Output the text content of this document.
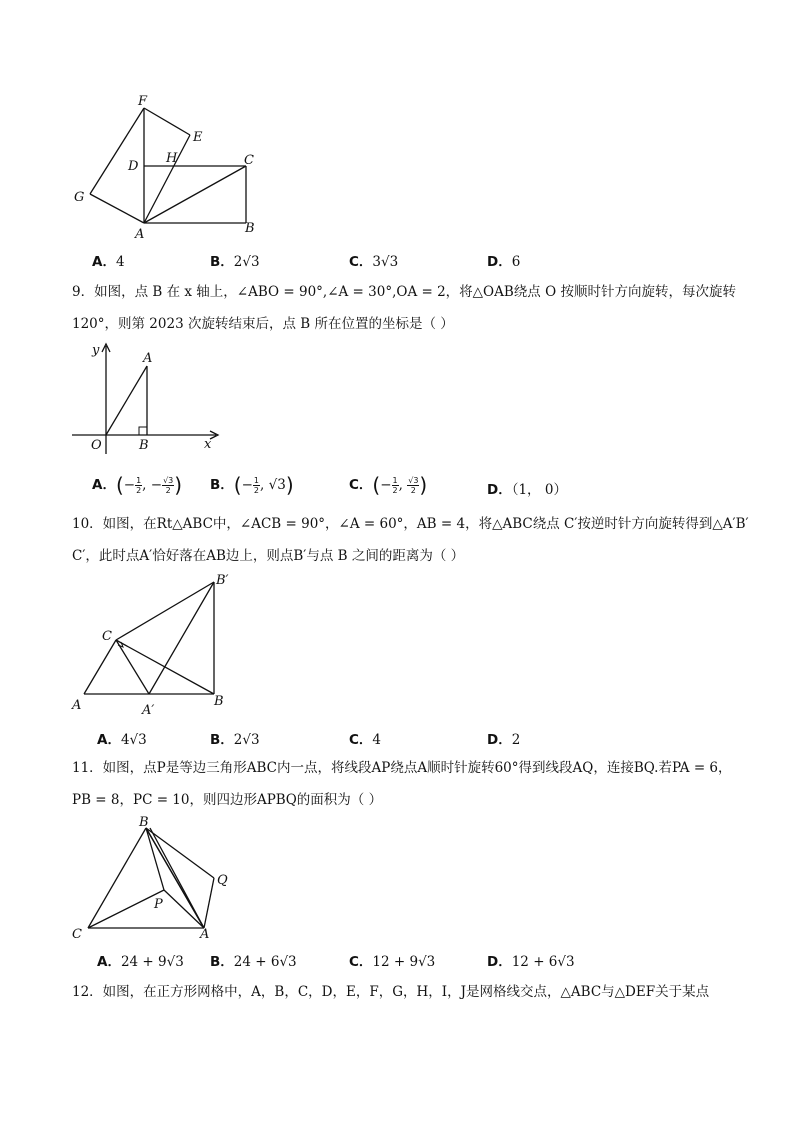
F
E
H
D	C
G
A	B
A．4	B．2√3	C．3√3	D．6
9．如图，点 B 在 x 轴上，∠ABO = 90°,∠A = 30°,OA = 2，将△OAB绕点 O 按顺时针方向旋转，每次旋转
120°，则第 2023 次旋转结束后，点 B 所在位置的坐标是（ ）
y
A
O	B	x
A．(− $\frac{1}{2}$ , − $\frac{√3}{2}$ ) B．(− $\frac{1}{2}$ , √3)	C．(− $\frac{1}{2}$ , $\frac{√3}{2}$ )	D．（1， 0）
10．如图，在Rt△ABC中，∠ACB = 90°，∠A = 60°，AB = 4，将△ABC绕点 C′按逆时针方向旋转得到△A′B′
C′，此时点A′恰好落在AB边上，则点B′与点 B 之间的距离为（ ）
B′
C
A	A′
B
A．4√3	B．2√3	C．4	D．2
11．如图，点P是等边三角形ABC内一点，将线段AP绕点A顺时针旋转60°得到线段AQ，连接BQ.若PA = 6，
PB = 8，PC = 10，则四边形APBQ的面积为（ ）
B
Q
P
C	A
A．24 + 9√3 B．24 + 6√3	C．12 + 9√3	D．12 + 6√3
12．如图，在正方形网格中，A，B，C，D，E，F，G，H，I，J是网格线交点，△ABC与△DEF关于某点
